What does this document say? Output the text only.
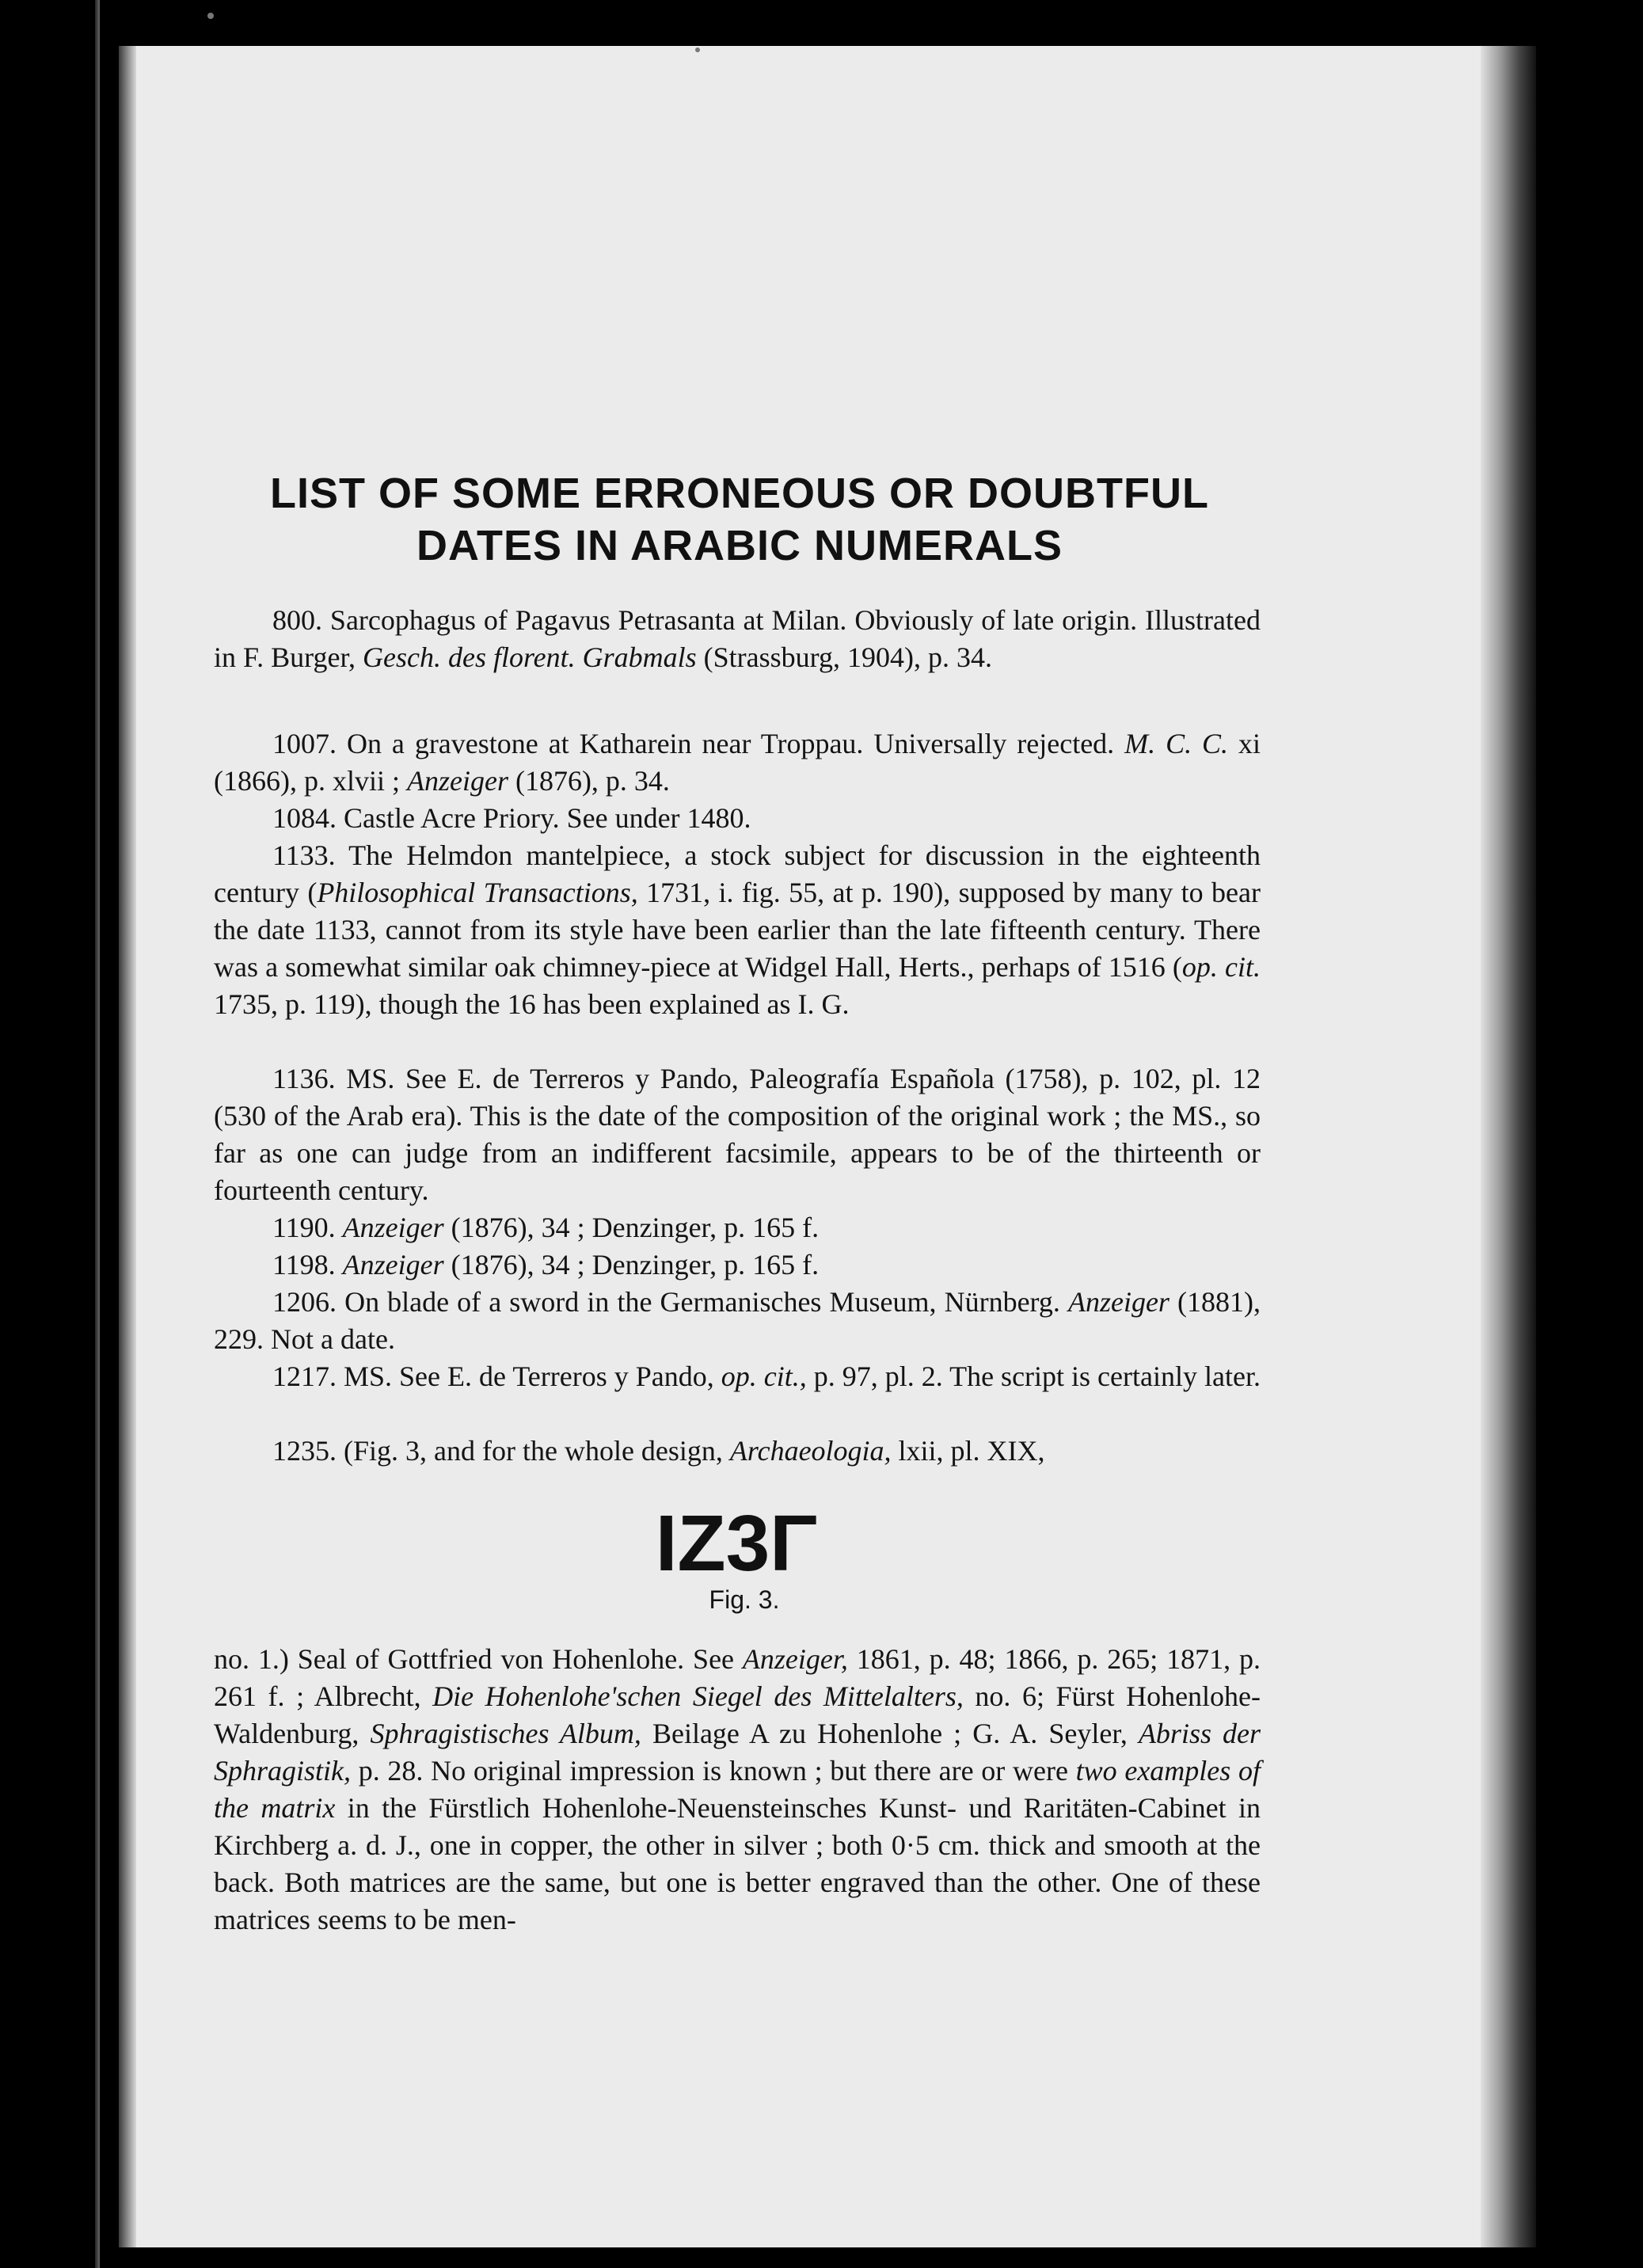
LIST OF SOME ERRONEOUS OR DOUBTFUL
DATES IN ARABIC NUMERALS

800. Sarcophagus of Pagavus Petrasanta at Milan. Obviously of late origin. Illustrated in F. Burger, Gesch. des florent. Grabmals (Strassburg, 1904), p. 34.

1007. On a gravestone at Katharein near Troppau. Universally rejected. M. C. C. xi (1866), p. xlvii ; Anzeiger (1876), p. 34.

1084. Castle Acre Priory. See under 1480.

1133. The Helmdon mantelpiece, a stock subject for discussion in the eighteenth century (Philosophical Transactions, 1731, i. fig. 55, at p. 190), supposed by many to bear the date 1133, cannot from its style have been earlier than the late fifteenth century. There was a somewhat similar oak chimney-piece at Widgel Hall, Herts., perhaps of 1516 (op. cit. 1735, p. 119), though the 16 has been explained as I. G.

1136. MS. See E. de Terreros y Pando, Paleografía Española (1758), p. 102, pl. 12 (530 of the Arab era). This is the date of the composition of the original work ; the MS., so far as one can judge from an indifferent facsimile, appears to be of the thirteenth or fourteenth century.

1190. Anzeiger (1876), 34 ; Denzinger, p. 165 f.

1198. Anzeiger (1876), 34 ; Denzinger, p. 165 f.

1206. On blade of a sword in the Germanisches Museum, Nürnberg. Anzeiger (1881), 229. Not a date.

1217. MS. See E. de Terreros y Pando, op. cit., p. 97, pl. 2. The script is certainly later.

1235. (Fig. 3, and for the whole design, Archaeologia, lxii, pl. XIX,

IZ3Γ
Fig. 3.

no. 1.) Seal of Gottfried von Hohenlohe. See Anzeiger, 1861, p. 48; 1866, p. 265; 1871, p. 261 f. ; Albrecht, Die Hohenlohe'schen Siegel des Mittelalters, no. 6; Fürst Hohenlohe-Waldenburg, Sphragistisches Album, Beilage A zu Hohenlohe ; G. A. Seyler, Abriss der Sphragistik, p. 28. No original impression is known ; but there are or were two examples of the matrix in the Fürstlich Hohenlohe-Neuensteinsches Kunst- und Raritäten-Cabinet in Kirchberg a. d. J., one in copper, the other in silver ; both 0·5 cm. thick and smooth at the back. Both matrices are the same, but one is better engraved than the other. One of these matrices seems to be men-
